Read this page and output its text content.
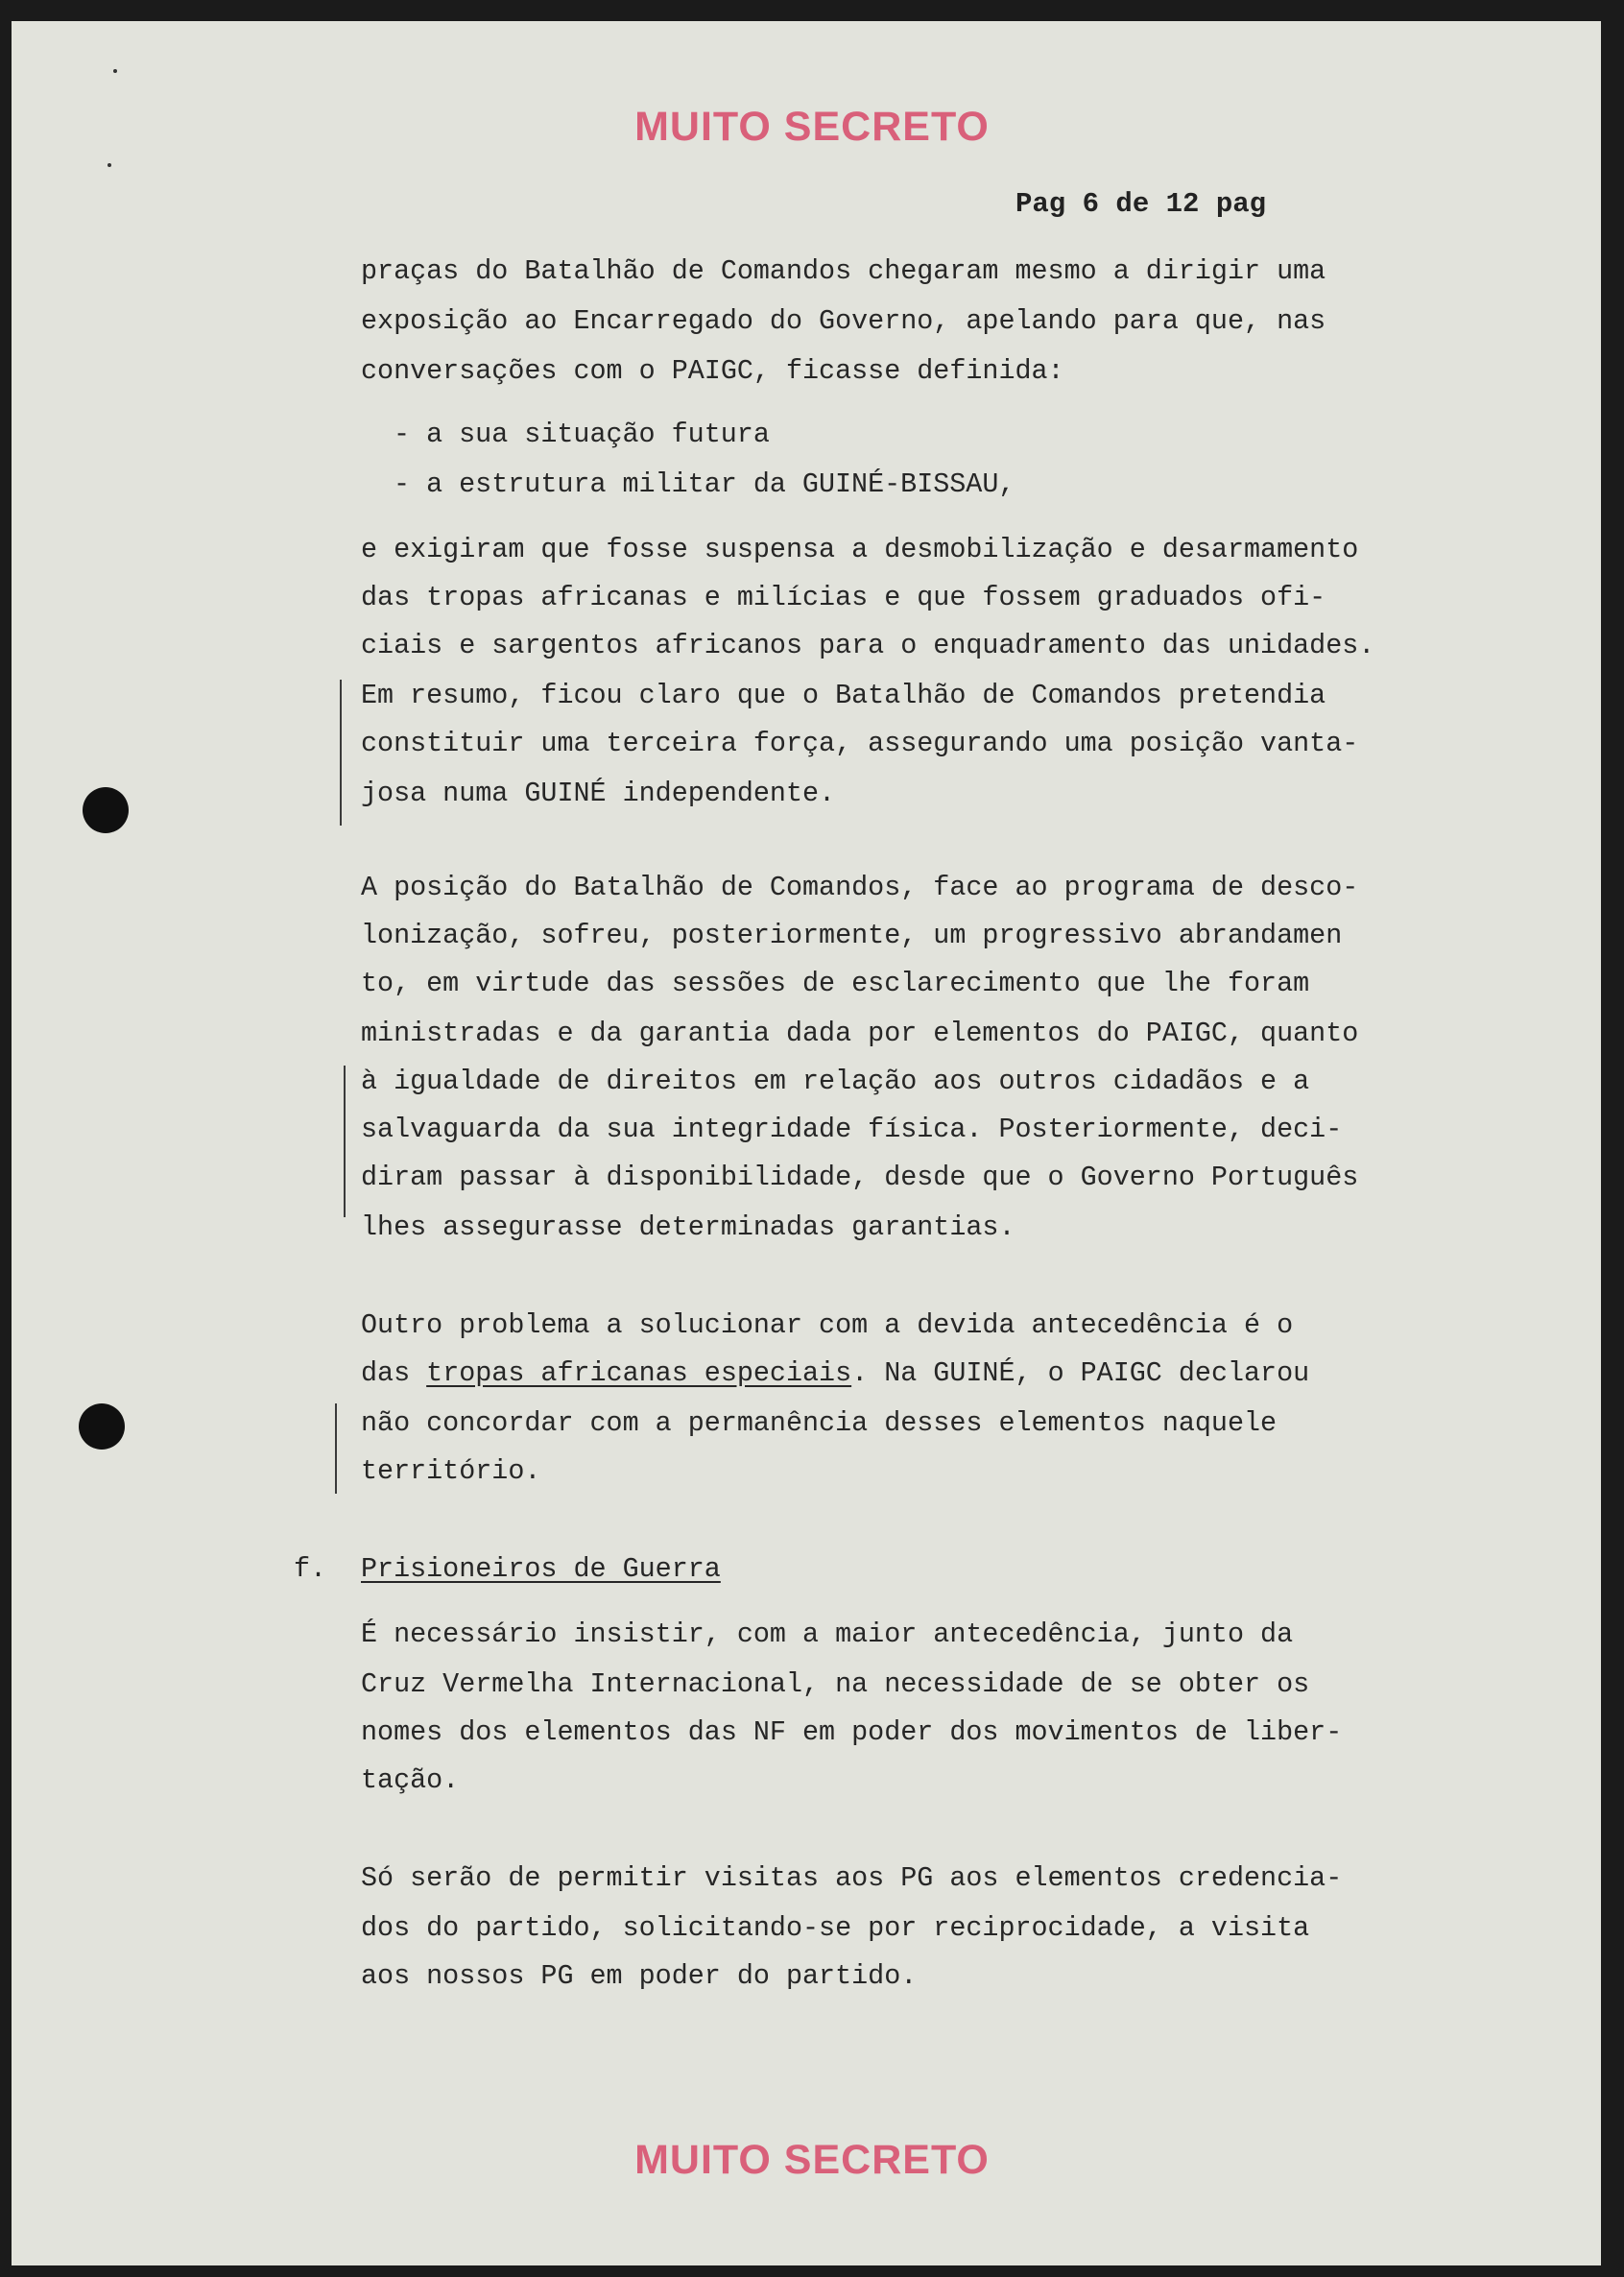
MUITO SECRETO
Pag 6 de 12 pag
praças do Batalhão de Comandos chegaram mesmo a dirigir uma
exposição ao Encarregado do Governo, apelando para que, nas
conversações com o PAIGC, ficasse definida:
- a sua situação futura
- a estrutura militar da GUINÉ-BISSAU,
e exigiram que fosse suspensa a desmobilização e desarmamento
das tropas africanas e milícias e que fossem graduados ofi-
ciais e sargentos africanos para o enquadramento das unidades.
Em resumo, ficou claro que o Batalhão de Comandos pretendia
constituir uma terceira força, assegurando uma posição vanta-
josa numa GUINÉ independente.
A posição do Batalhão de Comandos, face ao programa de desco-
lonização, sofreu, posteriormente, um progressivo abrandamen
to, em virtude das sessões de esclarecimento que lhe foram
ministradas e da garantia dada por elementos do PAIGC, quanto
à igualdade de direitos em relação aos outros cidadãos e a
salvaguarda da sua integridade física. Posteriormente, deci-
diram passar à disponibilidade, desde que o Governo Português
lhes assegurasse determinadas garantias.
Outro problema a solucionar com a devida antecedência é o
das tropas africanas especiais. Na GUINÉ, o PAIGC declarou
não concordar com a permanência desses elementos naquele
território.
f. Prisioneiros de Guerra
É necessário insistir, com a maior antecedência, junto da
Cruz Vermelha Internacional, na necessidade de se obter os
nomes dos elementos das NF em poder dos movimentos de liber-
tação.
Só serão de permitir visitas aos PG aos elementos credencia-
dos do partido, solicitando-se por reciprocidade, a visita
aos nossos PG em poder do partido.
MUITO SECRETO
